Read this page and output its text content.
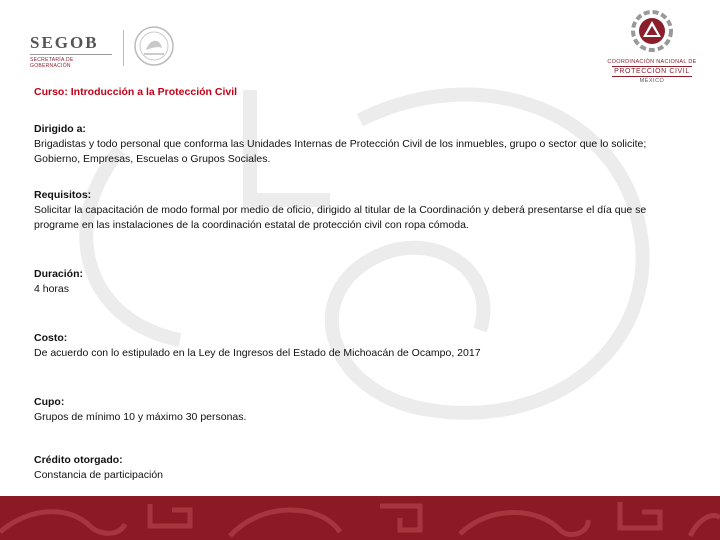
SEGOB
SECRETARÍA DE GOBERNACIÓN
COORDINACIÓN NACIONAL DE
PROTECCIÓN CIVIL
MÉXICO
Curso: Introducción a la Protección Civil
Dirigido a:
Brigadistas y todo personal que conforma las Unidades Internas de Protección Civil de los inmuebles, grupo o sector que lo solicite;
Gobierno, Empresas, Escuelas o Grupos Sociales.
Requisitos:
Solicitar la capacitación de modo formal por medio de oficio, dirigido al titular de la Coordinación y deberá presentarse el día que se
programe en las instalaciones de la coordinación estatal de protección civil con ropa cómoda.
Duración:
4 horas
Costo:
De acuerdo con lo estipulado en la Ley de Ingresos del Estado de Michoacán de Ocampo, 2017
Cupo:
Grupos de mínimo 10 y máximo 30 personas.
Crédito otorgado:
Constancia de participación
